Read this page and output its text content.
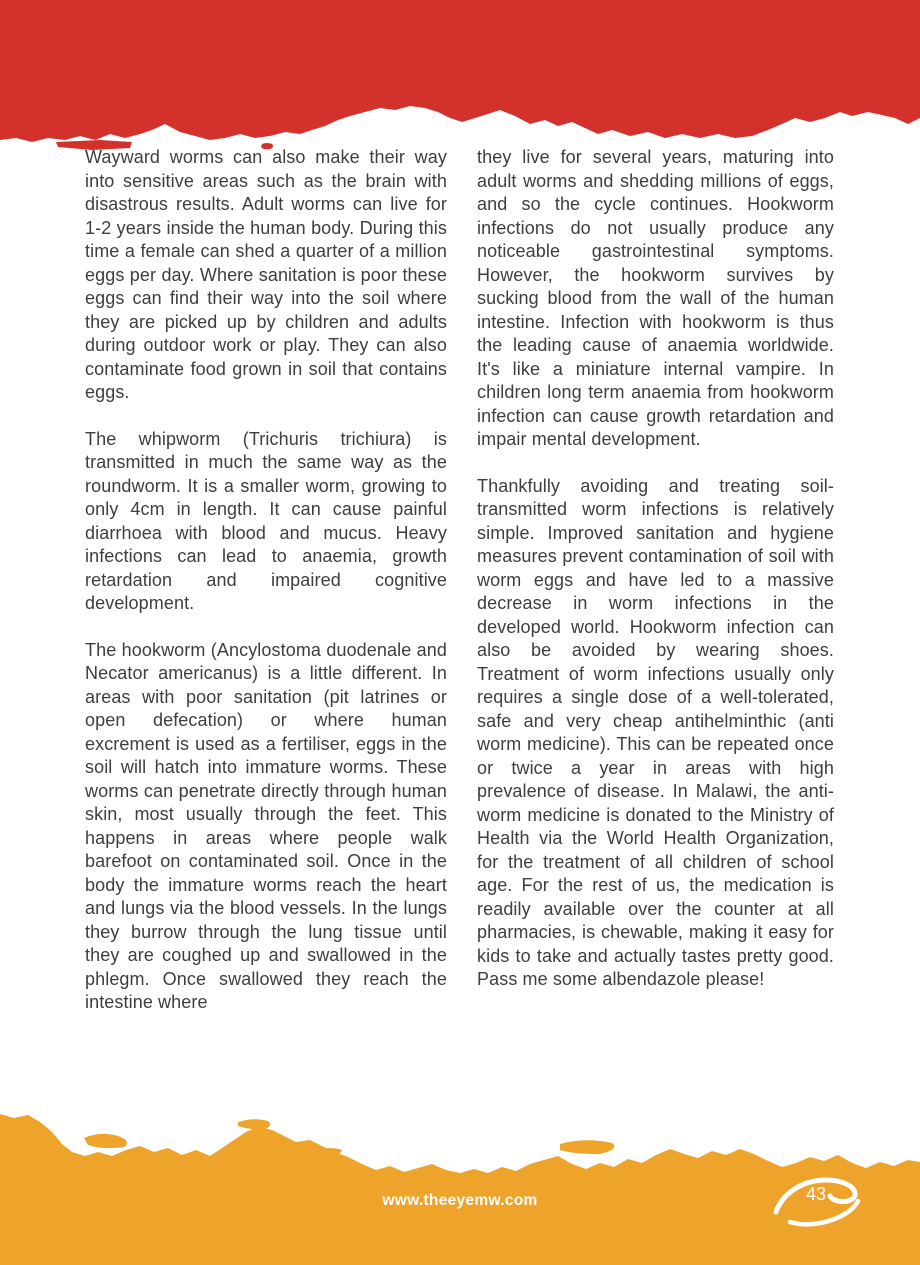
Wayward worms can also make their way into sensitive areas such as the brain with disastrous results. Adult worms can live for 1-2 years inside the human body. During this time a female can shed a quarter of a million eggs per day. Where sanitation is poor these eggs can find their way into the soil where they are picked up by children and adults during outdoor work or play. They can also contaminate food grown in soil that contains eggs.

The whipworm (Trichuris trichiura) is transmitted in much the same way as the roundworm. It is a smaller worm, growing to only 4cm in length. It can cause painful diarrhoea with blood and mucus. Heavy infections can lead to anaemia, growth retardation and impaired cognitive development.

The hookworm (Ancylostoma duodenale and Necator americanus) is a little different. In areas with poor sanitation (pit latrines or open defecation) or where human excrement is used as a fertiliser, eggs in the soil will hatch into immature worms. These worms can penetrate directly through human skin, most usually through the feet. This happens in areas where people walk barefoot on contaminated soil. Once in the body the immature worms reach the heart and lungs via the blood vessels. In the lungs they burrow through the lung tissue until they are coughed up and swallowed in the phlegm. Once swallowed they reach the intestine where

they live for several years, maturing into adult worms and shedding millions of eggs, and so the cycle continues. Hookworm infections do not usually produce any noticeable gastrointestinal symptoms. However, the hookworm survives by sucking blood from the wall of the human intestine. Infection with hookworm is thus the leading cause of anaemia worldwide. It's like a miniature internal vampire. In children long term anaemia from hookworm infection can cause growth retardation and impair mental development.

Thankfully avoiding and treating soil-transmitted worm infections is relatively simple. Improved sanitation and hygiene measures prevent contamination of soil with worm eggs and have led to a massive decrease in worm infections in the developed world. Hookworm infection can also be avoided by wearing shoes. Treatment of worm infections usually only requires a single dose of a well-tolerated, safe and very cheap antihelminthic (anti worm medicine). This can be repeated once or twice a year in areas with high prevalence of disease. In Malawi, the anti-worm medicine is donated to the Ministry of Health via the World Health Organization, for the treatment of all children of school age. For the rest of us, the medication is readily available over the counter at all pharmacies, is chewable, making it easy for kids to take and actually tastes pretty good. Pass me some albendazole please!

www.theeyemw.com	43
